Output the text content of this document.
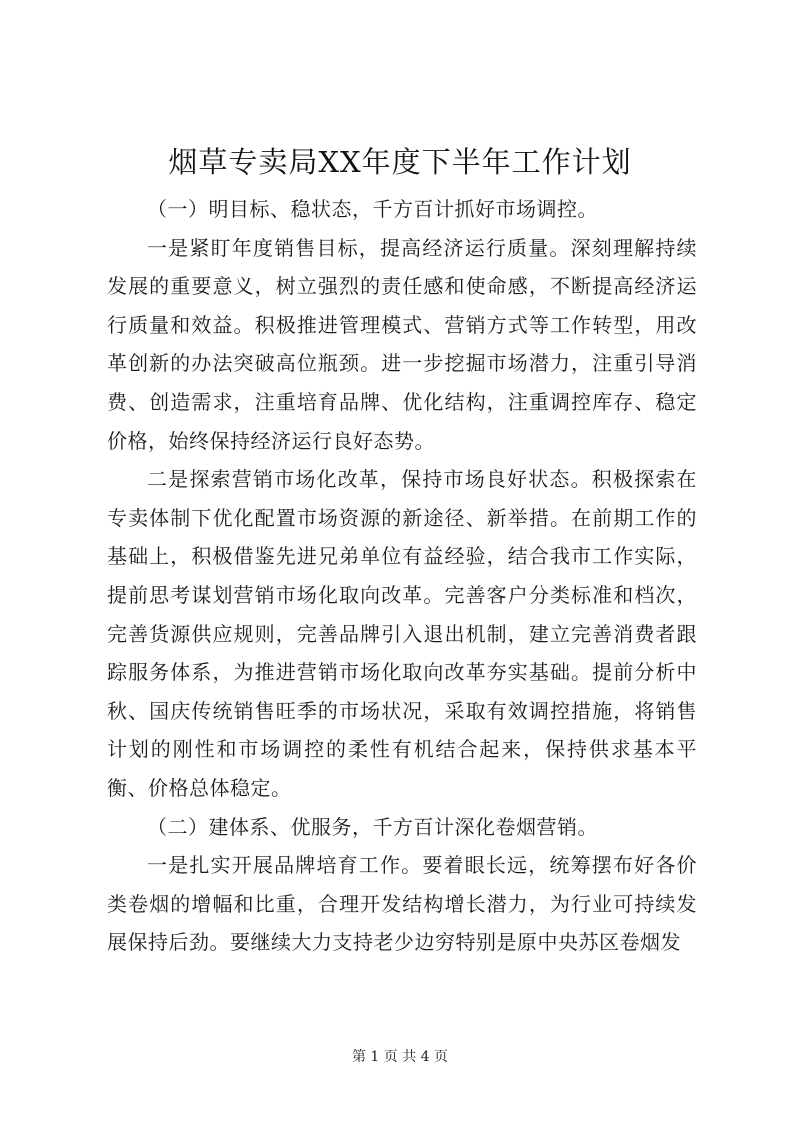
烟草专卖局XX年度下半年工作计划

（一）明目标、稳状态，千方百计抓好市场调控。

一是紧盯年度销售目标，提高经济运行质量。深刻理解持续发展的重要意义，树立强烈的责任感和使命感，不断提高经济运行质量和效益。积极推进管理模式、营销方式等工作转型，用改革创新的办法突破高位瓶颈。进一步挖掘市场潜力，注重引导消费、创造需求，注重培育品牌、优化结构，注重调控库存、稳定价格，始终保持经济运行良好态势。

二是探索营销市场化改革，保持市场良好状态。积极探索在专卖体制下优化配置市场资源的新途径、新举措。在前期工作的基础上，积极借鉴先进兄弟单位有益经验，结合我市工作实际，提前思考谋划营销市场化取向改革。完善客户分类标准和档次，完善货源供应规则，完善品牌引入退出机制，建立完善消费者跟踪服务体系，为推进营销市场化取向改革夯实基础。提前分析中秋、国庆传统销售旺季的市场状况，采取有效调控措施，将销售计划的刚性和市场调控的柔性有机结合起来，保持供求基本平衡、价格总体稳定。

（二）建体系、优服务，千方百计深化卷烟营销。

一是扎实开展品牌培育工作。要着眼长远，统筹摆布好各价类卷烟的增幅和比重，合理开发结构增长潜力，为行业可持续发展保持后劲。要继续大力支持老少边穷特别是原中央苏区卷烟发

第 1 页 共 4 页
